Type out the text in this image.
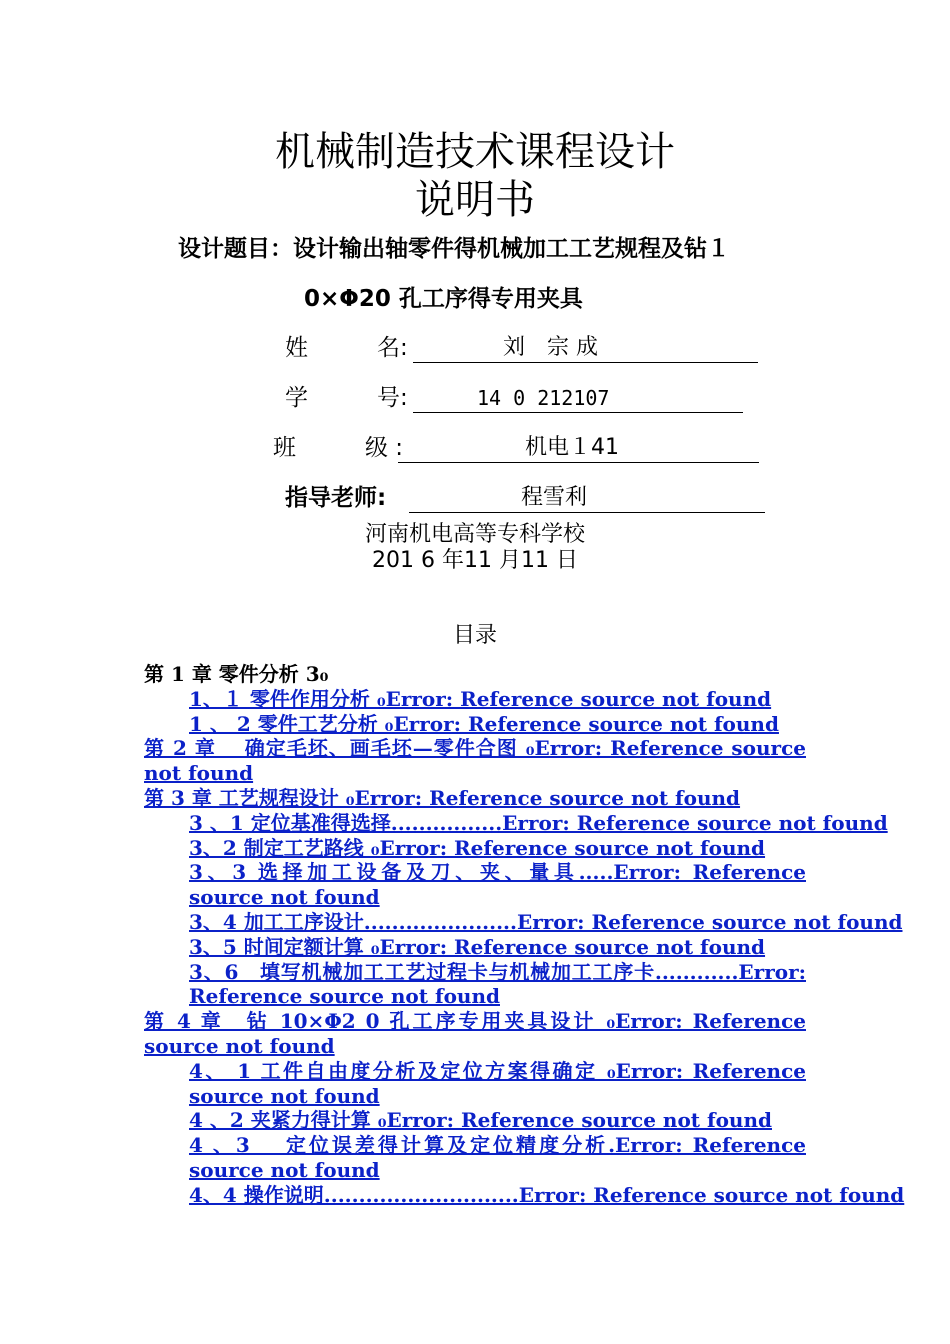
机械制造技术课程设计
说明书
设计题目：设计输出轴零件得机械加工工艺规程及钻１
0×Φ20 孔工序得专用夹具
姓　　　名:	刘　宗 成
学　　　号:	14 0 212107
班　　　级 :	机电１41
指导老师:	程雪利
河南机电高等专科学校
201 6 年11 月11 日
目录
第 1 章 零件分析 3₀
1、１ 零件作用分析 ₀Error: Reference source not found
1 、 2 零件工艺分析 ₀Error: Reference source not found
第 2 章　 确定毛坯、画毛坯—零件合图 ₀Error: Reference source not found
第 3 章 工艺规程设计 ₀Error: Reference source not found
3 、1 定位基准得选择................Error: Reference source not found
3、2 制定工艺路线 ₀Error: Reference source not found
3、3 选择加工设备及刀、夹、量具.....Error: Reference source not found
3、4 加工工序设计......................Error: Reference source not found
3、5 时间定额计算 ₀Error: Reference source not found
3、6　填写机械加工工艺过程卡与机械加工工序卡............Error: Reference source not found
第 4 章　钻 10×Φ2 0 孔工序专用夹具设计 ₀Error: Reference source not found
4、 1 工件自由度分析及定位方案得确定 ₀Error: Reference source not found
4 、2 夹紧力得计算 ₀Error: Reference source not found
4 、3　 定位误差得计算及定位精度分析.Error: Reference source not found
4、4 操作说明............................Error: Reference source not found
